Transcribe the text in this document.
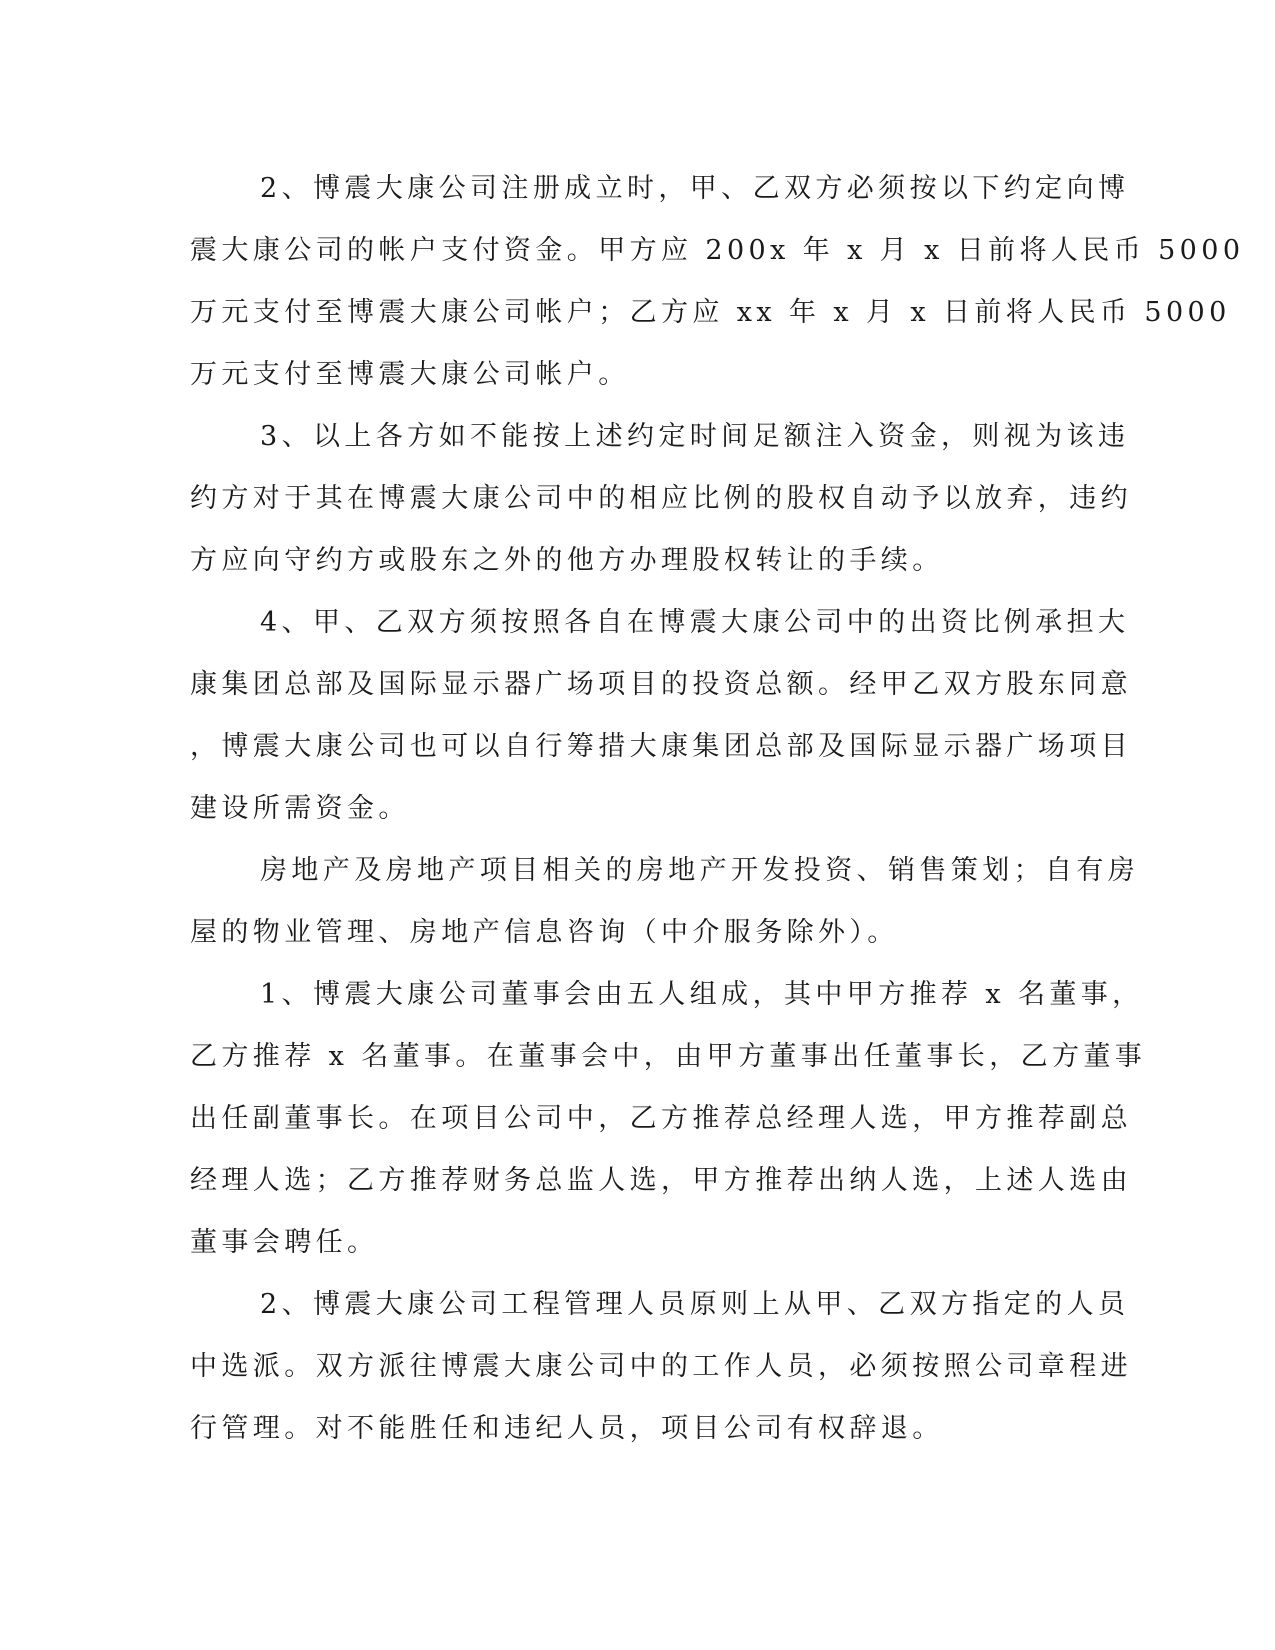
2、博震大康公司注册成立时，甲、乙双方必须按以下约定向博
震大康公司的帐户支付资金。甲方应 200x 年 x 月 x 日前将人民币 5000
万元支付至博震大康公司帐户；乙方应 xx 年 x 月 x 日前将人民币 5000
万元支付至博震大康公司帐户。
3、以上各方如不能按上述约定时间足额注入资金，则视为该违
约方对于其在博震大康公司中的相应比例的股权自动予以放弃，违约
方应向守约方或股东之外的他方办理股权转让的手续。
4、甲、乙双方须按照各自在博震大康公司中的出资比例承担大
康集团总部及国际显示器广场项目的投资总额。经甲乙双方股东同意
，博震大康公司也可以自行筹措大康集团总部及国际显示器广场项目
建设所需资金。
房地产及房地产项目相关的房地产开发投资、销售策划；自有房
屋的物业管理、房地产信息咨询（中介服务除外）。
1、博震大康公司董事会由五人组成，其中甲方推荐 x 名董事，
乙方推荐 x 名董事。在董事会中，由甲方董事出任董事长，乙方董事
出任副董事长。在项目公司中，乙方推荐总经理人选，甲方推荐副总
经理人选；乙方推荐财务总监人选，甲方推荐出纳人选，上述人选由
董事会聘任。
2、博震大康公司工程管理人员原则上从甲、乙双方指定的人员
中选派。双方派往博震大康公司中的工作人员，必须按照公司章程进
行管理。对不能胜任和违纪人员，项目公司有权辞退。
